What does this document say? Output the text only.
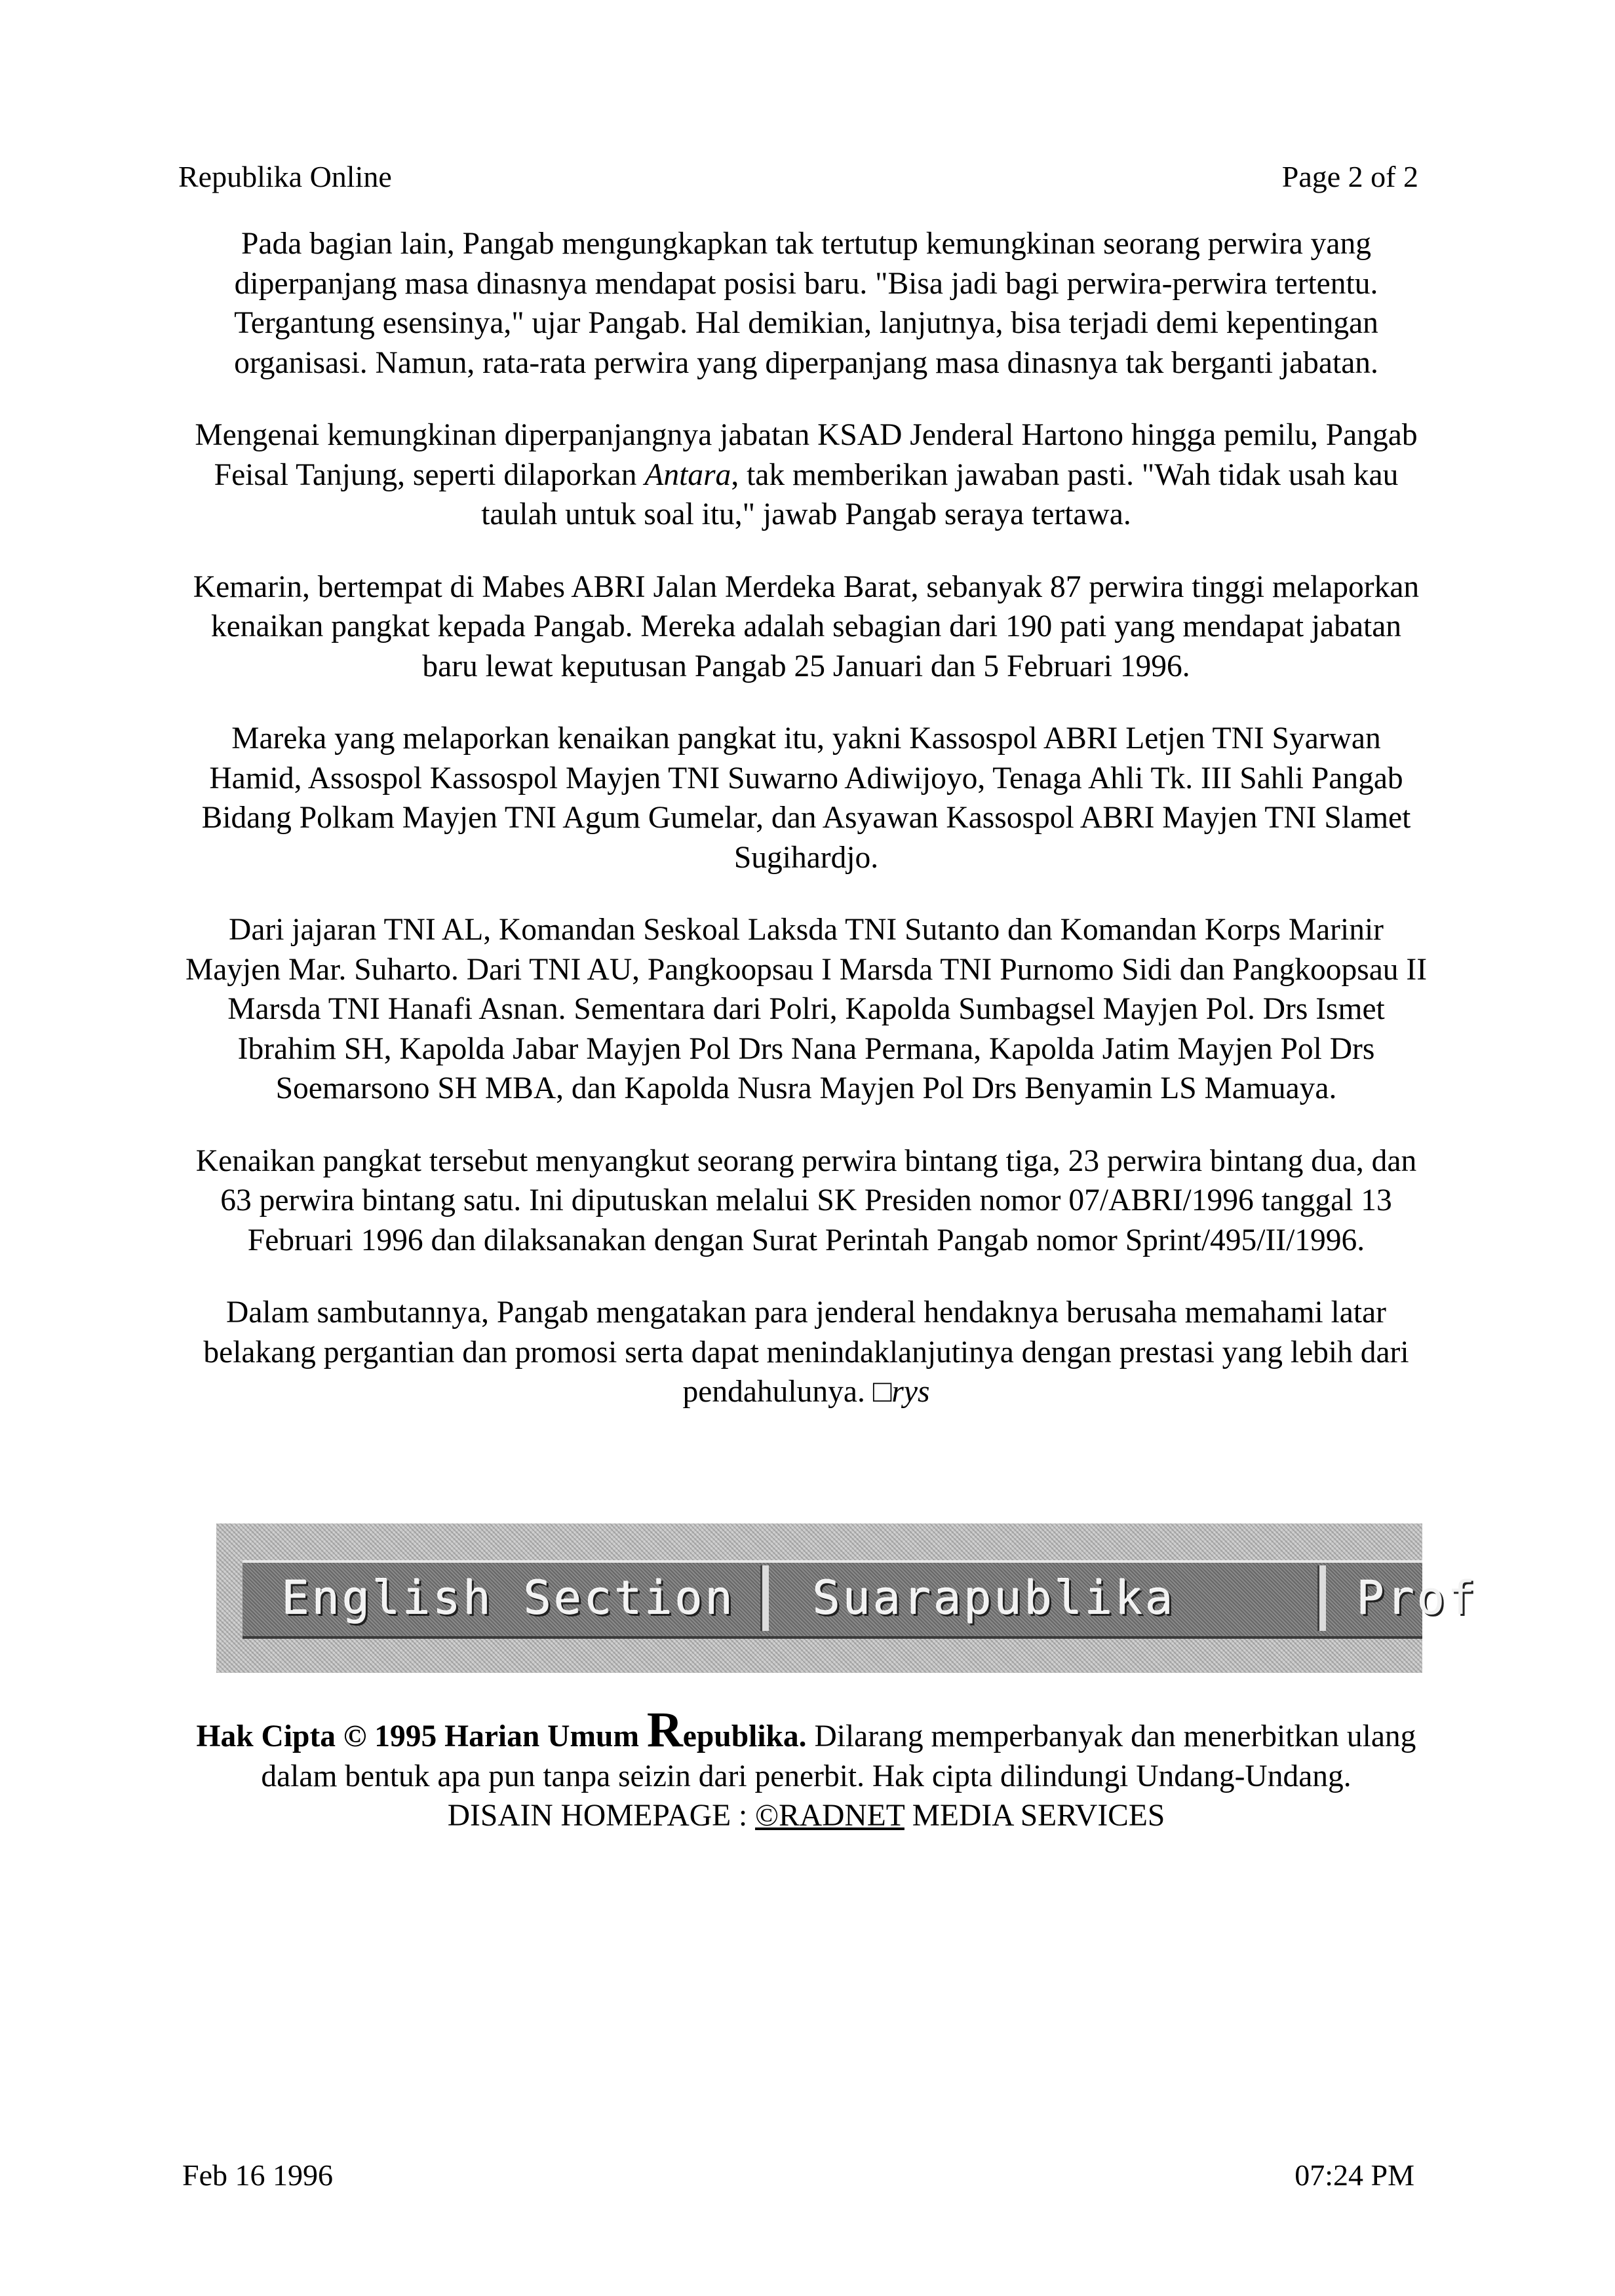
Republika Online	Page 2 of 2

Pada bagian lain, Pangab mengungkapkan tak tertutup kemungkinan seorang perwira yang diperpanjang masa dinasnya mendapat posisi baru. "Bisa jadi bagi perwira-perwira tertentu. Tergantung esensinya," ujar Pangab. Hal demikian, lanjutnya, bisa terjadi demi kepentingan organisasi. Namun, rata-rata perwira yang diperpanjang masa dinasnya tak berganti jabatan.

Mengenai kemungkinan diperpanjangnya jabatan KSAD Jenderal Hartono hingga pemilu, Pangab Feisal Tanjung, seperti dilaporkan Antara, tak memberikan jawaban pasti. "Wah tidak usah kau taulah untuk soal itu," jawab Pangab seraya tertawa.

Kemarin, bertempat di Mabes ABRI Jalan Merdeka Barat, sebanyak 87 perwira tinggi melaporkan kenaikan pangkat kepada Pangab. Mereka adalah sebagian dari 190 pati yang mendapat jabatan baru lewat keputusan Pangab 25 Januari dan 5 Februari 1996.

Mareka yang melaporkan kenaikan pangkat itu, yakni Kassospol ABRI Letjen TNI Syarwan Hamid, Assospol Kassospol Mayjen TNI Suwarno Adiwijoyo, Tenaga Ahli Tk. III Sahli Pangab Bidang Polkam Mayjen TNI Agum Gumelar, dan Asyawan Kassospol ABRI Mayjen TNI Slamet Sugihardjo.

Dari jajaran TNI AL, Komandan Seskoal Laksda TNI Sutanto dan Komandan Korps Marinir Mayjen Mar. Suharto. Dari TNI AU, Pangkoopsau I Marsda TNI Purnomo Sidi dan Pangkoopsau II Marsda TNI Hanafi Asnan. Sementara dari Polri, Kapolda Sumbagsel Mayjen Pol. Drs Ismet Ibrahim SH, Kapolda Jabar Mayjen Pol Drs Nana Permana, Kapolda Jatim Mayjen Pol Drs Soemarsono SH MBA, dan Kapolda Nusra Mayjen Pol Drs Benyamin LS Mamuaya.

Kenaikan pangkat tersebut menyangkut seorang perwira bintang tiga, 23 perwira bintang dua, dan 63 perwira bintang satu. Ini diputuskan melalui SK Presiden nomor 07/ABRI/1996 tanggal 13 Februari 1996 dan dilaksanakan dengan Surat Perintah Pangab nomor Sprint/495/II/1996.

Dalam sambutannya, Pangab mengatakan para jenderal hendaknya berusaha memahami latar belakang pergantian dan promosi serta dapat menindaklanjutinya dengan prestasi yang lebih dari pendahulunya. □rys

English Section Suarapublika	Prof
Hak Cipta © 1995 Harian Umum Republika. Dilarang memperbanyak dan menerbitkan ulang dalam bentuk apa pun tanpa seizin dari penerbit. Hak cipta dilindungi Undang-Undang.
DISAIN HOMEPAGE : ©RADNET MEDIA SERVICES
Feb 16 1996	07:24 PM
